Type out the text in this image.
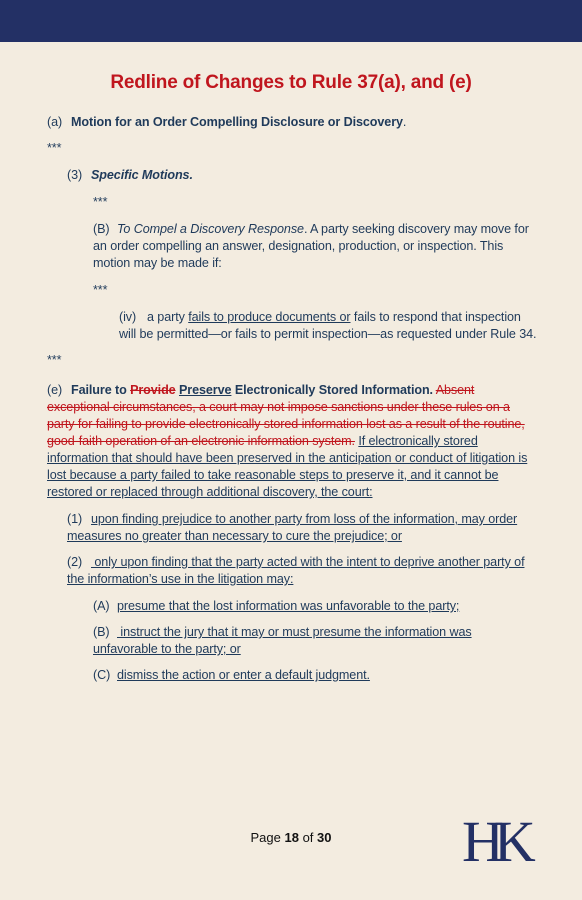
Redline of Changes to Rule 37(a), and (e)

(a) Motion for an Order Compelling Disclosure or Discovery.

***

(3) Specific Motions.

***

(B) To Compel a Discovery Response. A party seeking discovery may move for an order compelling an answer, designation, production, or inspection. This motion may be made if:

***

(iv) a party fails to produce documents or fails to respond that inspection will be permitted—or fails to permit inspection—as requested under Rule 34.

***

(e) Failure to Provide Preserve Electronically Stored Information. Absent exceptional circumstances, a court may not impose sanctions under these rules on a party for failing to provide electronically stored information lost as a result of the routine, good-faith operation of an electronic information system. If electronically stored information that should have been preserved in the anticipation or conduct of litigation is lost because a party failed to take reasonable steps to preserve it, and it cannot be restored or replaced through additional discovery, the court:

(1) upon finding prejudice to another party from loss of the information, may order measures no greater than necessary to cure the prejudice; or

(2) only upon finding that the party acted with the intent to deprive another party of the information’s use in the litigation may:

(A) presume that the lost information was unfavorable to the party;

(B) instruct the jury that it may or must presume the information was unfavorable to the party; or

(C) dismiss the action or enter a default judgment.

Page 18 of 30	HK
